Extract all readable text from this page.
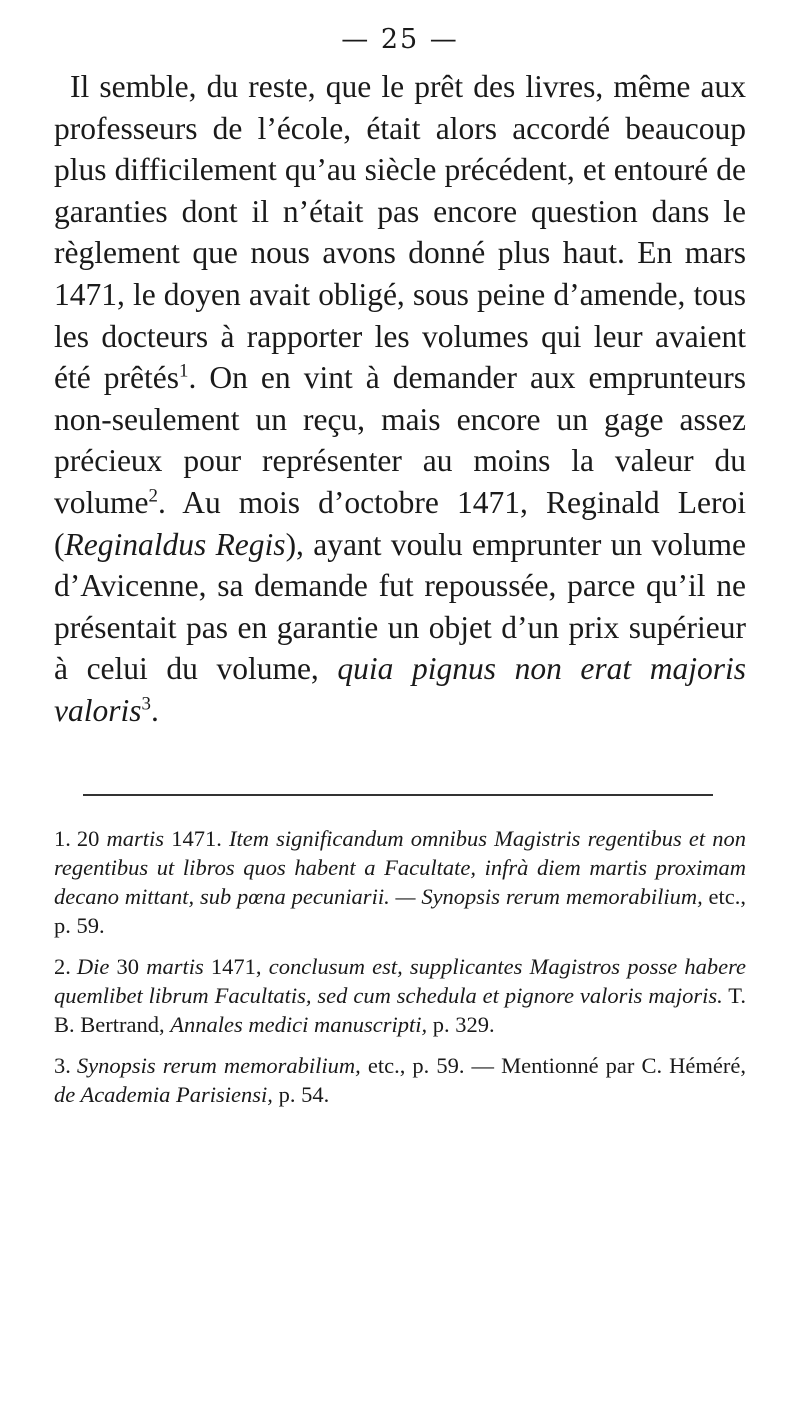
— 25 —

Il semble, du reste, que le prêt des livres, même aux professeurs de l’école, était alors accordé beaucoup plus difficilement qu’au siècle précédent, et entouré de garanties dont il n’était pas encore question dans le règlement que nous avons donné plus haut. En mars 1471, le doyen avait obligé, sous peine d’amende, tous les docteurs à rapporter les volumes qui leur avaient été prêtés$^1$. On en vint à demander aux emprunteurs non-seulement un reçu, mais encore un gage assez précieux pour représenter au moins la valeur du volume$^2$. Au mois d’octobre 1471, Reginald Leroi (Reginaldus Regis), ayant voulu emprunter un volume d’Avicenne, sa demande fut repoussée, parce qu’il ne présentait pas en garantie un objet d’un prix supérieur à celui du volume, quia pignus non erat majoris valoris$^3$.

1. 20 martis 1471. Item significandum omnibus Magistris regentibus et non regentibus ut libros quos habent a Facultate, infrà diem martis proximam decano mittant, sub pœna pecuniarii. — Synopsis rerum memorabilium, etc., p. 59.

2. Die 30 martis 1471, conclusum est, supplicantes Magistros posse habere quemlibet librum Facultatis, sed cum schedula et pignore valoris majoris. T. B. Bertrand, Annales medici manuscripti, p. 329.

3. Synopsis rerum memorabilium, etc., p. 59. — Mentionné par C. Héméré, de Academia Parisiensi, p. 54.
